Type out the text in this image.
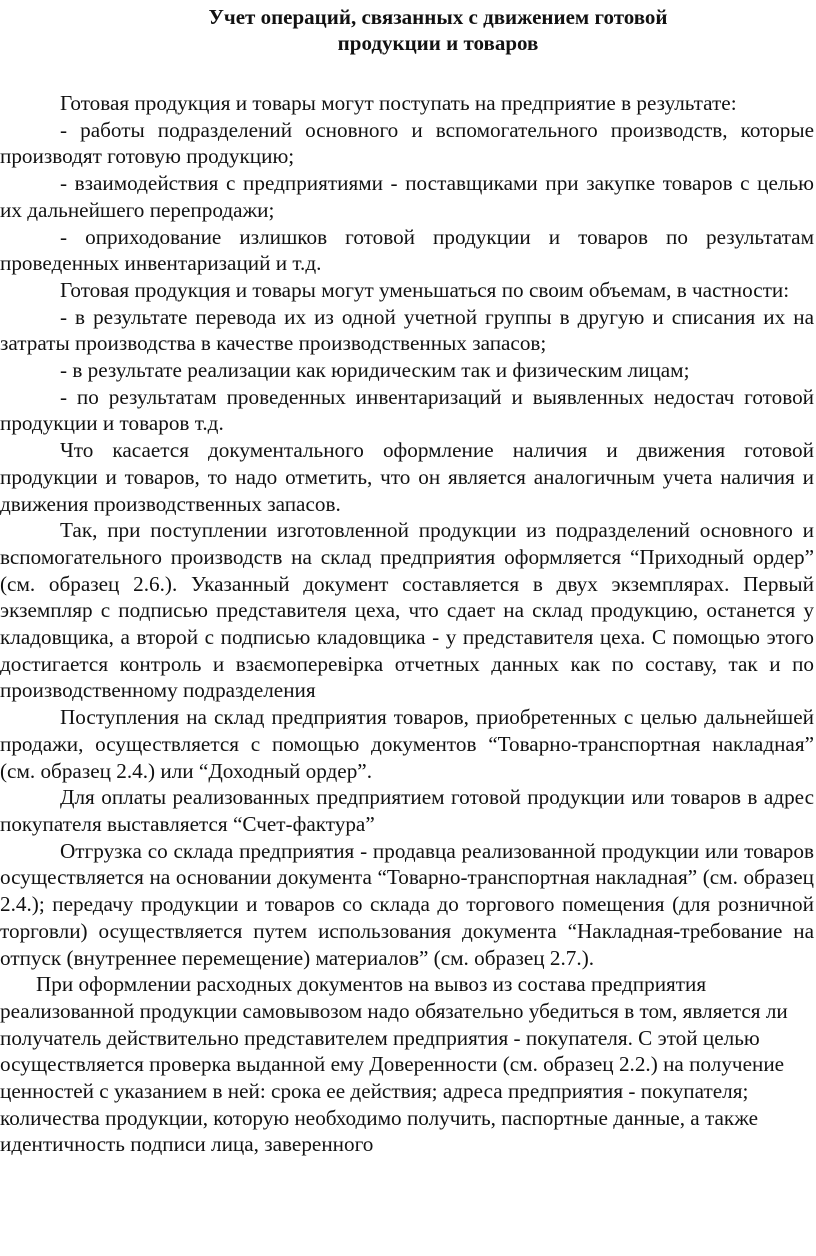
Учет операций, связанных с движением готовой
продукции и товаров

Готовая продукция и товары могут поступать на предприятие в результате:

- работы подразделений основного и вспомогательного производств, которые производят готовую продукцию;

- взаимодействия с предприятиями - поставщиками при закупке товаров с целью их дальнейшего перепродажи;

- оприходование излишков готовой продукции и товаров по результатам проведенных инвентаризаций и т.д.

Готовая продукция и товары могут уменьшаться по своим объемам, в частности:

- в результате перевода их из одной учетной группы в другую и списания их на затраты производства в качестве производственных запасов;

- в результате реализации как юридическим так и физическим лицам;

- по результатам проведенных инвентаризаций и выявленных недостач готовой продукции и товаров т.д.

Что касается документального оформление наличия и движения готовой продукции и товаров, то надо отметить, что он является аналогичным учета наличия и движения производственных запасов.

Так, при поступлении изготовленной продукции из подразделений основного и вспомогательного производств на склад предприятия оформляется “Приходный ордер” (см. образец 2.6.). Указанный документ составляется в двух экземплярах. Первый экземпляр с подписью представителя цеха, что сдает на склад продукцию, останется у кладовщика, а второй с подписью кладовщика - у представителя цеха. С помощью этого достигается контроль и взаємоперевірка отчетных данных как по составу, так и по производственному подразделения

Поступления на склад предприятия товаров, приобретенных с целью дальнейшей продажи, осуществляется с помощью документов “Товарно-транспортная накладная” (см. образец 2.4.) или “Доходный ордер”.

Для оплаты реализованных предприятием готовой продукции или товаров в адрес покупателя выставляется “Счет-фактура”

Отгрузка со склада предприятия - продавца реализованной продукции или товаров осуществляется на основании документа “Товарно-транспортная накладная” (см. образец 2.4.); передачу продукции и товаров со склада до торгового помещения (для розничной торговли) осуществляется путем использования документа “Накладная-требование на отпуск (внутреннее перемещение) материалов” (см. образец 2.7.).

При оформлении расходных документов на вывоз из состава предприятия реализованной продукции самовывозом надо обязательно убедиться в том, является ли получатель действительно представителем предприятия - покупателя. С этой целью осуществляется проверка выданной ему Доверенности (см. образец 2.2.) на получение ценностей с указанием в ней: срока ее действия; адреса предприятия - покупателя; количества продукции, которую необходимо получить, паспортные данные, а также идентичность подписи лица, заверенного
